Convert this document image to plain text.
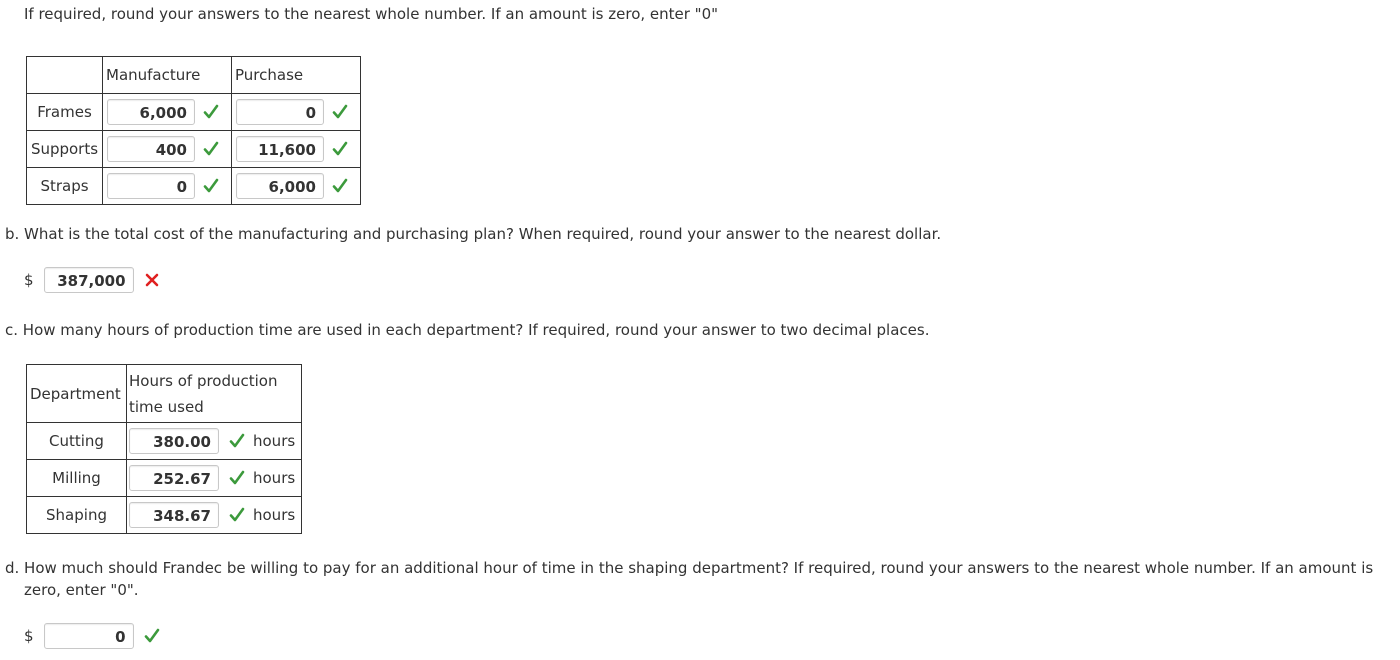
If required, round your answers to the nearest whole number. If an amount is zero, enter "0"
	Manufacture	Purchase
Frames	6,000	0

Supports	400	11,600

Straps	0	6,000
b. What is the total cost of the manufacturing and purchasing plan? When required, round your answer to the nearest dollar.
$	387,000
c. How many hours of production time are used in each department? If required, round your answer to two decimal places.
Department	Hours of production
time used

Cutting	380.00 hours

Milling	252.67 hours

Shaping	348.67 hours
d. How much should Frandec be willing to pay for an additional hour of time in the shaping department? If required, round your answers to the nearest whole number. If an amount is
zero, enter "0".
$	0
